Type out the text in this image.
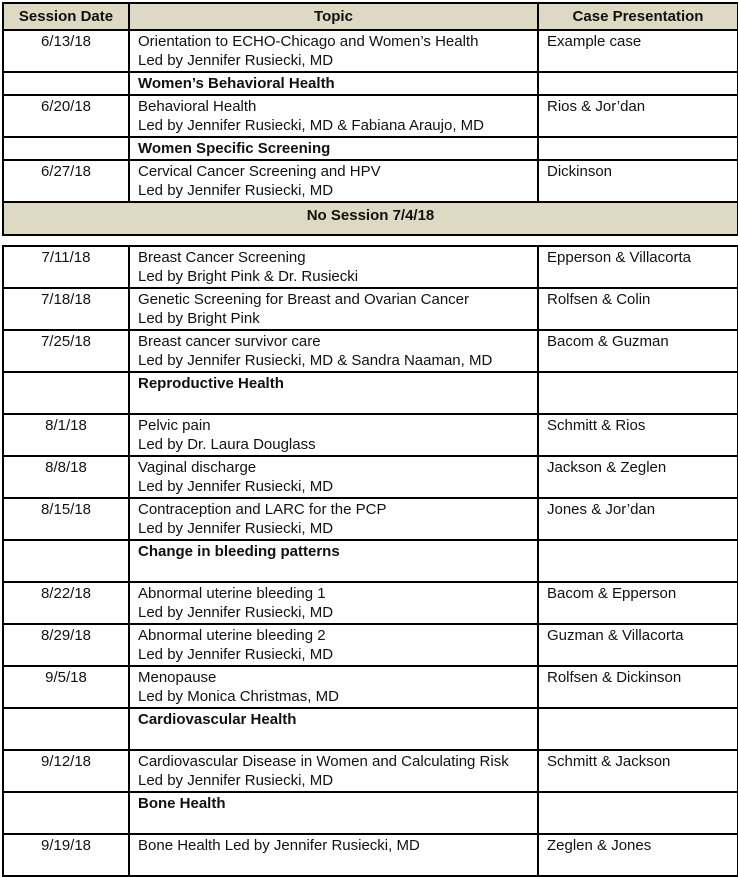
Session Date	Topic	Case Presentation
6/13/18	Orientation to ECHO-Chicago and Women’s Health
Led by Jennifer Rusiecki, MD	Example case

	Women’s Behavioral Health	

6/20/18	Behavioral Health
Led by Jennifer Rusiecki, MD & Fabiana Araujo, MD	Rios & Jor’dan

	Women Specific Screening	

6/27/18	Cervical Cancer Screening and HPV
Led by Jennifer Rusiecki, MD	Dickinson
No Session 7/4/18		

7/11/18	Breast Cancer Screening
Led by Bright Pink & Dr. Rusiecki	Epperson & Villacorta
7/18/18	Genetic Screening for Breast and Ovarian Cancer
Led by Bright Pink	Rolfsen & Colin
7/25/18	Breast cancer survivor care
Led by Jennifer Rusiecki, MD & Sandra Naaman, MD	Bacom & Guzman

	Reproductive Health	

8/1/18	Pelvic pain
Led by Dr. Laura Douglass	Schmitt & Rios
8/8/18	Vaginal discharge
Led by Jennifer Rusiecki, MD	Jackson & Zeglen
8/15/18	Contraception and LARC for the PCP
Led by Jennifer Rusiecki, MD	Jones & Jor’dan

	Change in bleeding patterns	

8/22/18	Abnormal uterine bleeding 1
Led by Jennifer Rusiecki, MD	Bacom & Epperson
8/29/18	Abnormal uterine bleeding 2
Led by Jennifer Rusiecki, MD	Guzman & Villacorta
9/5/18	Menopause
Led by Monica Christmas, MD	Rolfsen & Dickinson

	Cardiovascular Health	

9/12/18	Cardiovascular Disease in Women and Calculating Risk
Led by Jennifer Rusiecki, MD	Schmitt & Jackson

	Bone Health	

9/19/18	Bone Health Led by Jennifer Rusiecki, MD	Zeglen & Jones
